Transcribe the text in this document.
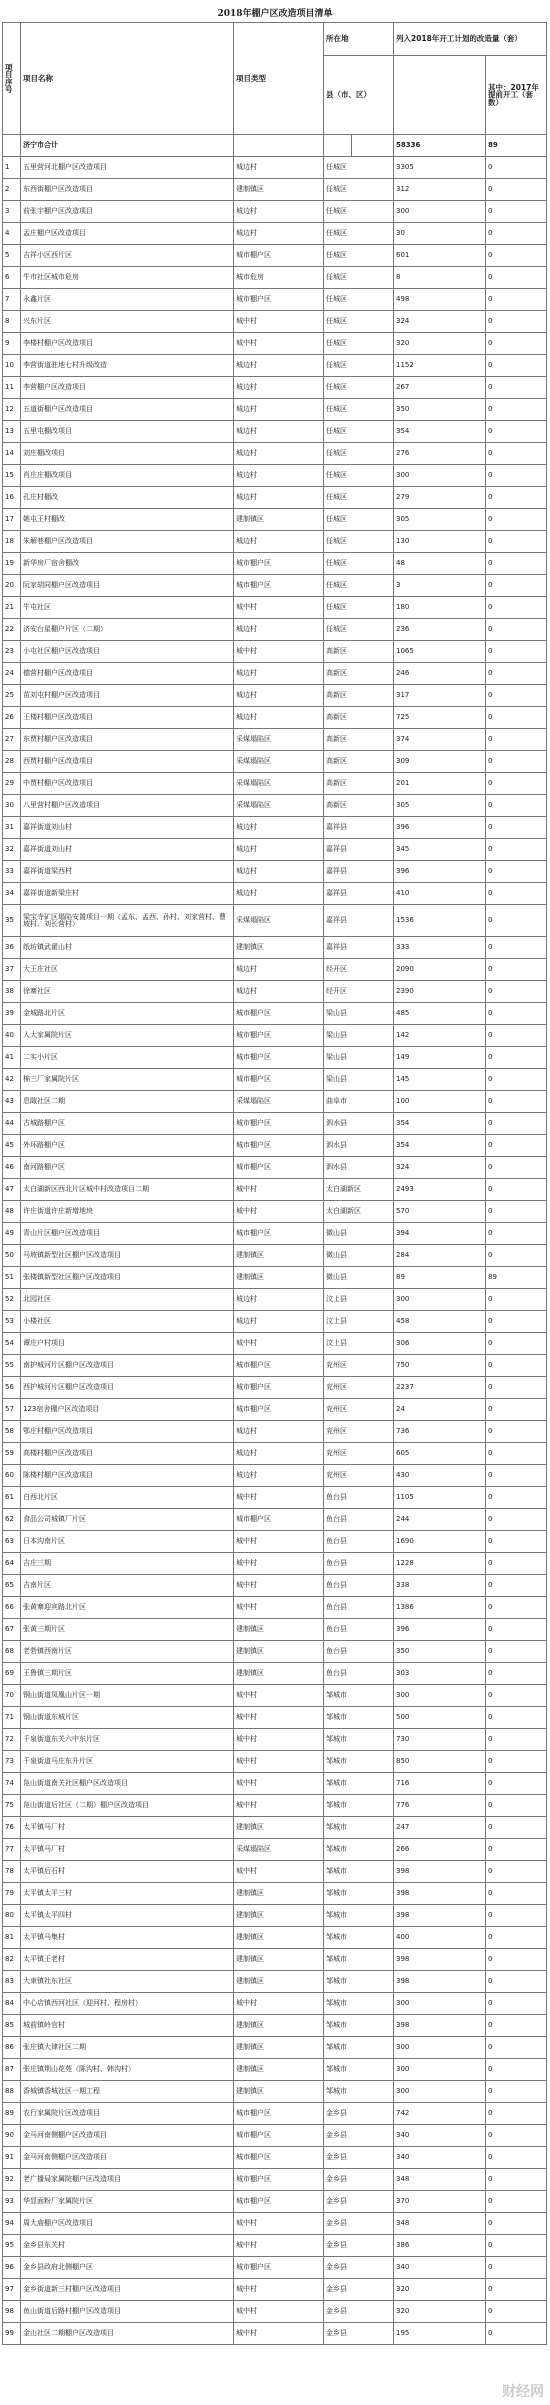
2018年棚户区改造项目清单
项目序号	项目名称	项目类型	所在地		列入2018年开工计划的改造量（套）	
			县（市、区）			其中：2017年提前开工（套数）
	济宁市合计				58336	89
1	五里营河北棚户区改造项目	城边村	任城区		3305	0
2	东西街棚户区改造项目	建制镇区	任城区		312	0
3	前张宇棚户区改造项目	城边村	任城区		300	0
4	孟庄棚户区改造项目	城边村	任城区		30	0
5	吉祥小区西片区	城市棚户区	任城区		601	0
6	牛市社区城市危房	城市危房	任城区		8	0
7	永鑫片区	城市棚户区	任城区		498	0
8	兴东片区	城中村	任城区		324	0
9	李楼村棚户区改造项目	城中村	任城区		320	0
10	李营街道驻地七村升级改造	城边村	任城区		1152	0
11	李营棚户区改造项目	城边村	任城区		267	0
12	五道街棚户区改造项目	城边村	任城区		350	0
13	五里屯棚改项目	城边村	任城区		354	0
14	刘庄棚改项目	城边村	任城区		276	0
15	肖庄庄棚改项目	城边村	任城区		300	0
16	孔庄村棚改	城边村	任城区		279	0
17	姚屯王村棚改	建制镇区	任城区		305	0
18	朱解巷棚户区改造项目	城边村	任城区		130	0
19	新华房厂宿舍棚改	城市棚户区	任城区		48	0
20	阮家胡同棚户区改造项目	城市棚户区	任城区		3	0
21	牛屯社区	城中村	任城区		180	0
22	济安台星棚户片区（二期）	城边村	任城区		236	0
23	小屯社区棚户区改造项目	城中村	高新区		1065	0
24	德营村棚户区改造项目	城边村	高新区		246	0
25	苗刘屯村棚户区改造项目	城边村	高新区		317	0
26	王楼村棚户区改造项目	城边村	高新区		725	0
27	东贾村棚户区改造项目	采煤塌陷区	高新区		374	0
28	西贾村棚户区改造项目	采煤塌陷区	高新区		309	0
29	中贾村棚户区改造项目	采煤塌陷区	高新区		201	0
30	八里营村棚户区改造项目	采煤塌陷区	高新区		305	0
31	嘉祥街道刘山村	城边村	嘉祥县		396	0
32	嘉祥街道刘山村	城边村	嘉祥县		345	0
33	嘉祥街道梁西村	城边村	嘉祥县		396	0
34	嘉祥街道新梁庄村	城边村	嘉祥县		410	0
35	梁宝寺矿区塌陷安置项目一期（孟东、孟西、孙村、刘家营村、曹坡村、刘长营村）	采煤塌陷区	嘉祥县		1536	0
36	纸坊镇武翟山村	建制镇区	嘉祥县		333	0
37	大王庄社区	城边村	经开区		2090	0
38	徐寨社区	城边村	经开区		2390	0
39	金城路北片区	城市棚户区	梁山县		485	0
40	人大家属院片区	城市棚户区	梁山县		142	0
41	二实小片区	城市棚户区	梁山县		149	0
42	棉三厂家属院片区	城市棚户区	梁山县		145	0
43	息陬社区二期	采煤塌陷区	曲阜市		100	0
44	古城路棚户区	城市棚户区	泗水县		354	0
45	外环路棚户区	城市棚户区	泗水县		354	0
46	南河路棚户区	城市棚户区	泗水县		324	0
47	太白湖新区西北片区城中村改造项目二期	城中村	太白湖新区		2493	0
48	许庄街道许庄新增地块	城中村	太白湖新区		570	0
49	青山片区棚户区改造项目	城市棚户区	微山县		394	0
50	马坡镇新型社区棚户区改造项目	建制镇区	微山县		284	0
51	张楼镇新型社区棚户区改造项目	建制镇区	微山县		89	89
52	北园社区	城边村	汶上县		300	0
53	小楼社区	城边村	汶上县		458	0
54	谭庄户村项目	城中村	汶上县		306	0
55	南护城河片区棚户区改造项目	城市棚户区	兖州区		750	0
56	西护城河片区棚户区改造项目	城市棚户区	兖州区		2237	0
57	123宿舍棚户区改造项目	城市棚户区	兖州区		24	0
58	鄂庄村棚户区改造项目	城边村	兖州区		736	0
59	高楼村棚户区改造项目	城边村	兖州区		605	0
60	陈楼村棚户区改造项目	城边村	兖州区		430	0
61	白西北片区	城中村	鱼台县		1105	0
62	食品公司城镇厂片区	城市棚户区	鱼台县		244	0
63	日本沟南片区	城中村	鱼台县		1690	0
64	吉庄三期	城中村	鱼台县		1228	0
65	吉南片区	城中村	鱼台县		338	0
66	张黄寨迎宾路北片区	城中村	鱼台县		1386	0
67	张黄三期片区	建制镇区	鱼台县		396	0
68	老砦镇西南片区	建制镇区	鱼台县		350	0
69	王鲁镇三期片区	建制镇区	鱼台县		303	0
70	钢山街道凤凰山片区一期	城中村	邹城市		300	0
71	钢山街道东城片区	城中村	邹城市		500	0
72	千泉街道东关六中东片区	城中村	邹城市		730	0
73	千泉街道马庄东升片区	城中村	邹城市		850	0
74	凫山街道南关社区棚户区改造项目	城中村	邹城市		716	0
75	凫山街道后社区（二期）棚户区改造项目	城中村	邹城市		776	0
76	太平镇马厂村	建制镇区	邹城市		247	0
77	太平镇马厂村	采煤塌陷区	邹城市		266	0
78	太平镇后石村	城中村	邹城市		398	0
79	太平镇太平三村	建制镇区	邹城市		398	0
80	太平镇太平四村	建制镇区	邹城市		398	0
81	太平镇马集村	建制镇区	邹城市		400	0
82	太平镇王老村	建制镇区	邹城市		398	0
83	大束镇社东社区	建制镇区	邹城市		398	0
84	中心店镇西河社区（迎河村、程房村）	城中村	邹城市		300	0
85	城前镇岭官村	建制镇区	邹城市		398	0
86	张庄镇大律社区二期	建制镇区	邹城市		300	0
87	张庄镇荆山花苑（陈沟村、韩沟村）	建制镇区	邹城市		300	0
88	香城镇香城社区一期工程	建制镇区	邹城市		300	0
89	农行家属院片区改造项目	城市棚户区	金乡县		742	0
90	金马河南侧棚户区改造项目	城市棚户区	金乡县		340	0
91	金马河南侧棚户区改造项目	城市棚户区	金乡县		340	0
92	老广播局家属院棚户区改造项目	城市棚户区	金乡县		348	0
93	华显面粉厂家属院片区	城市棚户区	金乡县		370	0
94	周大庙棚户区改造项目	城中村	金乡县		348	0
95	金乡县东关村	城中村	金乡县		386	0
96	金乡县政府北侧棚户区	城市棚户区	金乡县		340	0
97	金乡街道新三村棚户区改造项目	城中村	金乡县		320	0
98	鱼山街道后路村棚户区改造项目	城中村	金乡县		320	0
99	金山社区二期棚户区改造项目	城中村	金乡县		195	0
财经网
